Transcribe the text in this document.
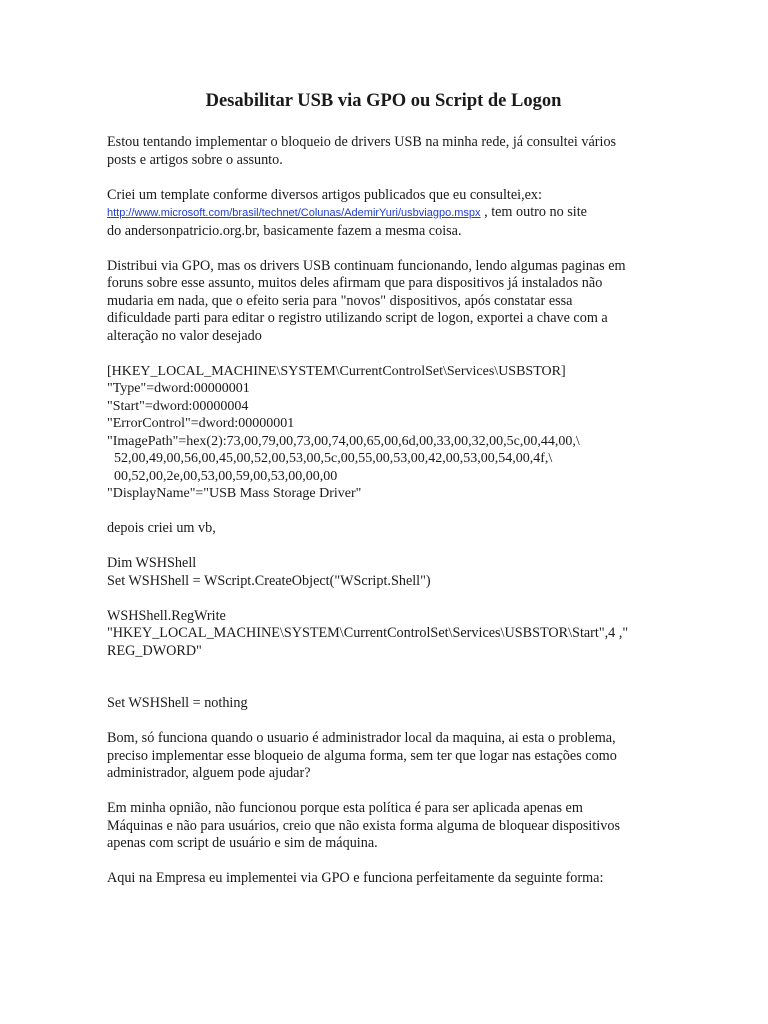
Desabilitar USB via GPO ou Script de Logon
Estou tentando implementar o bloqueio de drivers USB na minha rede, já consultei vários
posts e artigos sobre o assunto.
Criei um template conforme diversos artigos publicados que eu consultei,ex:
http://www.microsoft.com/brasil/technet/Colunas/AdemirYuri/usbviagpo.mspx , tem outro no site
do andersonpatricio.org.br, basicamente fazem a mesma coisa.
Distribui via GPO, mas os drivers USB continuam funcionando, lendo algumas paginas em
foruns sobre esse assunto, muitos deles afirmam que para dispositivos já instalados não
mudaria em nada, que o efeito seria para "novos" dispositivos, após constatar essa
dificuldade parti para editar o registro utilizando script de logon, exportei a chave com a
alteração no valor desejado
[HKEY_LOCAL_MACHINE\SYSTEM\CurrentControlSet\Services\USBSTOR]
"Type"=dword:00000001
"Start"=dword:00000004
"ErrorControl"=dword:00000001
"ImagePath"=hex(2):73,00,79,00,73,00,74,00,65,00,6d,00,33,00,32,00,5c,00,44,00,\
52,00,49,00,56,00,45,00,52,00,53,00,5c,00,55,00,53,00,42,00,53,00,54,00,4f,\
00,52,00,2e,00,53,00,59,00,53,00,00,00
"DisplayName"="USB Mass Storage Driver"
depois criei um vb,
Dim WSHShell
Set WSHShell = WScript.CreateObject("WScript.Shell")
WSHShell.RegWrite
"HKEY_LOCAL_MACHINE\SYSTEM\CurrentControlSet\Services\USBSTOR\Start",4 ,"
REG_DWORD"
Set WSHShell = nothing
Bom, só funciona quando o usuario é administrador local da maquina, ai esta o problema,
preciso implementar esse bloqueio de alguma forma, sem ter que logar nas estações como
administrador, alguem pode ajudar?
Em minha opnião, não funcionou porque esta política é para ser aplicada apenas em
Máquinas e não para usuários, creio que não exista forma alguma de bloquear dispositivos
apenas com script de usuário e sim de máquina.
Aqui na Empresa eu implementei via GPO e funciona perfeitamente da seguinte forma:
